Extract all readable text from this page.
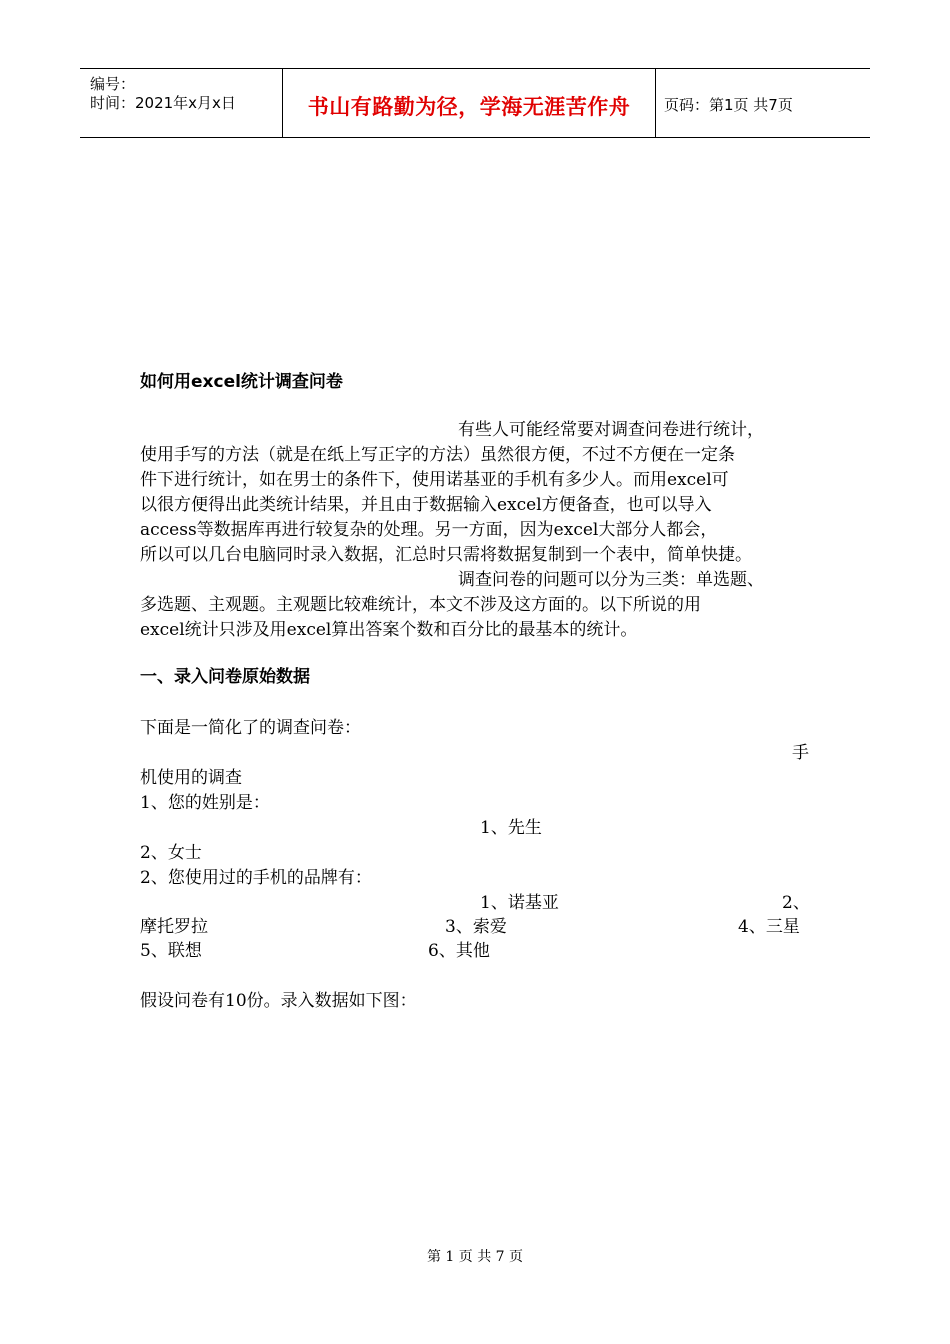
编号：
时间：2021年x月x日	书山有路勤为径，学海无涯苦作舟	页码：第1页 共7页
如何用excel统计调查问卷
有些人可能经常要对调查问卷进行统计，
使用手写的方法（就是在纸上写正字的方法）虽然很方便，不过不方便在一定条
件下进行统计，如在男士的条件下，使用诺基亚的手机有多少人。而用excel可
以很方便得出此类统计结果，并且由于数据输入excel方便备查，也可以导入
access等数据库再进行较复杂的处理。另一方面，因为excel大部分人都会，
所以可以几台电脑同时录入数据，汇总时只需将数据复制到一个表中，简单快捷。
调查问卷的问题可以分为三类：单选题、
多选题、主观题。主观题比较难统计，本文不涉及这方面的。以下所说的用
excel统计只涉及用excel算出答案个数和百分比的最基本的统计。
一、录入问卷原始数据
下面是一简化了的调查问卷：
手
机使用的调查
1、您的姓别是：
1、先生
2、女士
2、您使用过的手机的品牌有：
1、诺基亚	2、
摩托罗拉	3、索爱	4、三星
5、联想	6、其他
假设问卷有10份。录入数据如下图：
第 1 页 共 7 页
